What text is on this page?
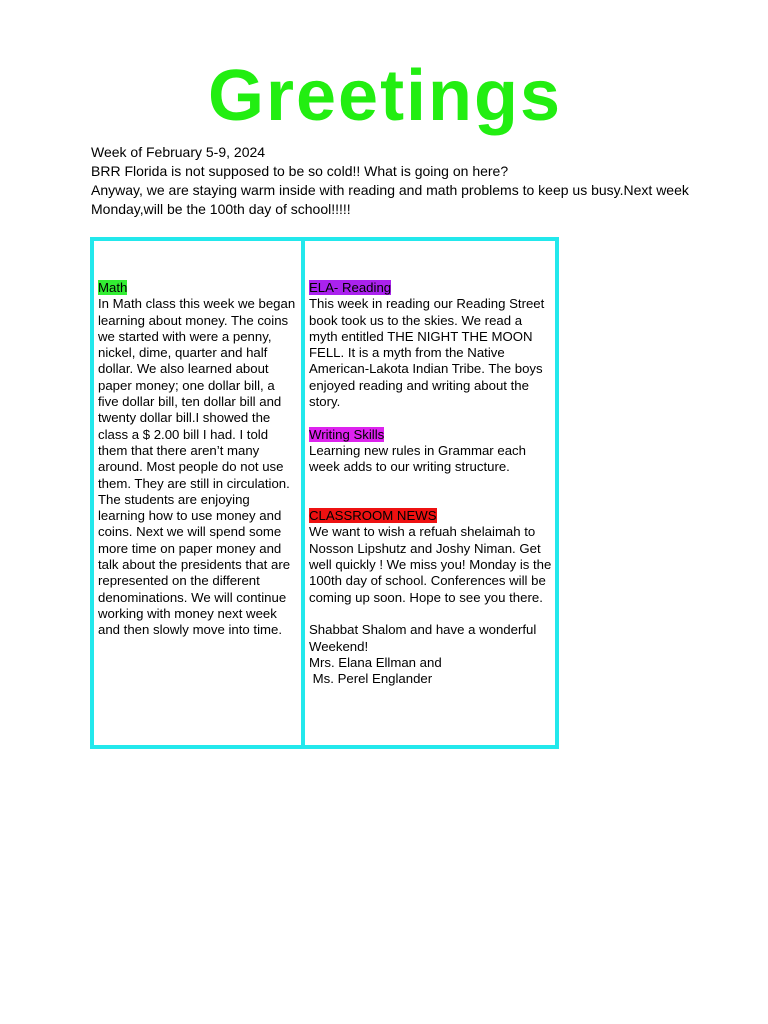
Greetings

Week of February 5-9, 2024

BRR Florida is not supposed to be so cold!! What is going on here?

Anyway, we are staying warm inside with reading and math problems to keep us busy.Next week Monday,will be the 100th day of school!!!!!

Math

In Math class this week we began learning about money. The coins we started with were a penny, nickel, dime, quarter and half dollar. We also learned about paper money; one dollar bill, a five dollar bill, ten dollar bill and twenty dollar bill.I showed the class a $ 2.00 bill I had. I told them that there aren’t many around. Most people do not use them. They are still in circulation.

The students are enjoying learning how to use money and coins. Next we will spend some more time on paper money and talk about the presidents that are represented on the different denominations. We will continue working with money next week and then slowly move into time.

ELA- Reading

This week in reading our Reading Street book took us to the skies. We read a myth entitled THE NIGHT THE MOON FELL. It is a myth from the Native American-Lakota Indian Tribe. The boys enjoyed reading and writing about the story.

Writing Skills

Learning new rules in Grammar each week adds to our writing structure.

CLASSROOM NEWS

We want to wish a refuah shelaimah to Nosson Lipshutz and Joshy Niman. Get well quickly ! We miss you! Monday is the 100th day of school. Conferences will be coming up soon. Hope to see you there.

Shabbat Shalom and have a wonderful Weekend!

Mrs. Elana Ellman and

Ms. Perel Englander
